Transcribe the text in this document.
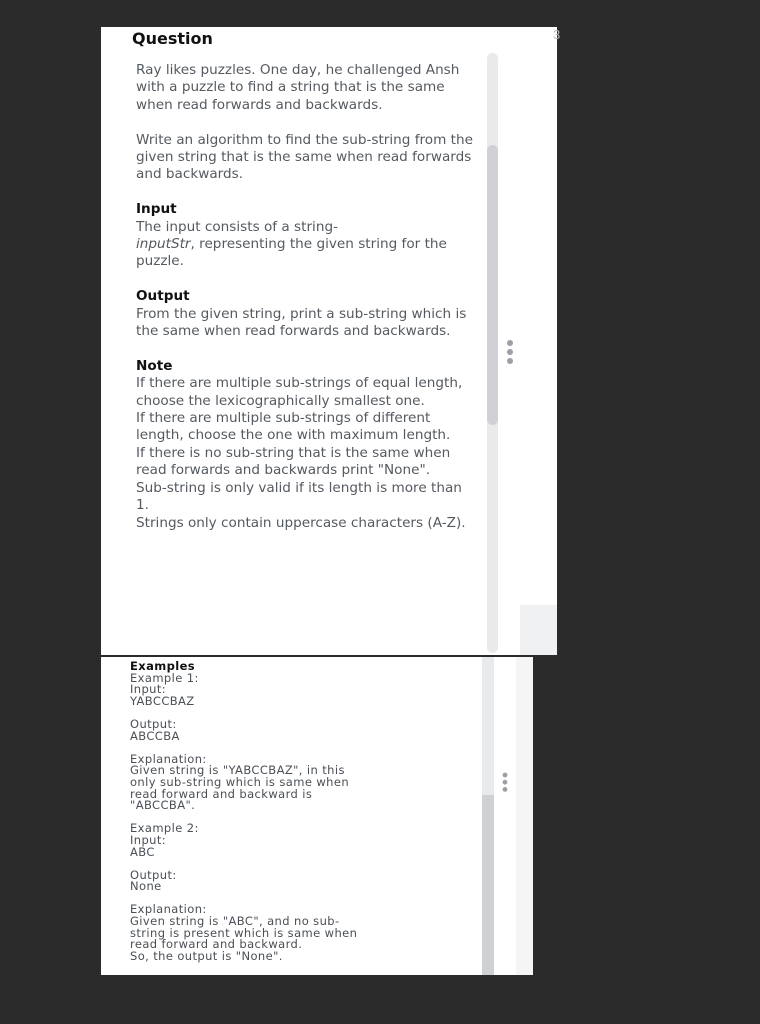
Question

Ray likes puzzles. One day, he challenged Ansh with a puzzle to find a string that is the same when read forwards and backwards.

Write an algorithm to find the sub-string from the given string that is the same when read forwards and backwards.

Input
The input consists of a string-
inputStr, representing the given string for the puzzle.
Output
From the given string, print a sub-string which is the same when read forwards and backwards.
Note
If there are multiple sub-strings of equal length, choose the lexicographically smallest one.
If there are multiple sub-strings of different length, choose the one with maximum length.
If there is no sub-string that is the same when read forwards and backwards print "None".
Sub-string is only valid if its length is more than 1.
Strings only contain uppercase characters (A-Z).
3
Examples
Example 1:
Input:
YABCCBAZ
Output:
ABCCBA
Explanation:
Given string is "YABCCBAZ", in this
only sub-string which is same when
read forward and backward is
"ABCCBA".
Example 2:
Input:
ABC
Output:
None
Explanation:
Given string is "ABC", and no sub-
string is present which is same when
read forward and backward.
So, the output is "None".
